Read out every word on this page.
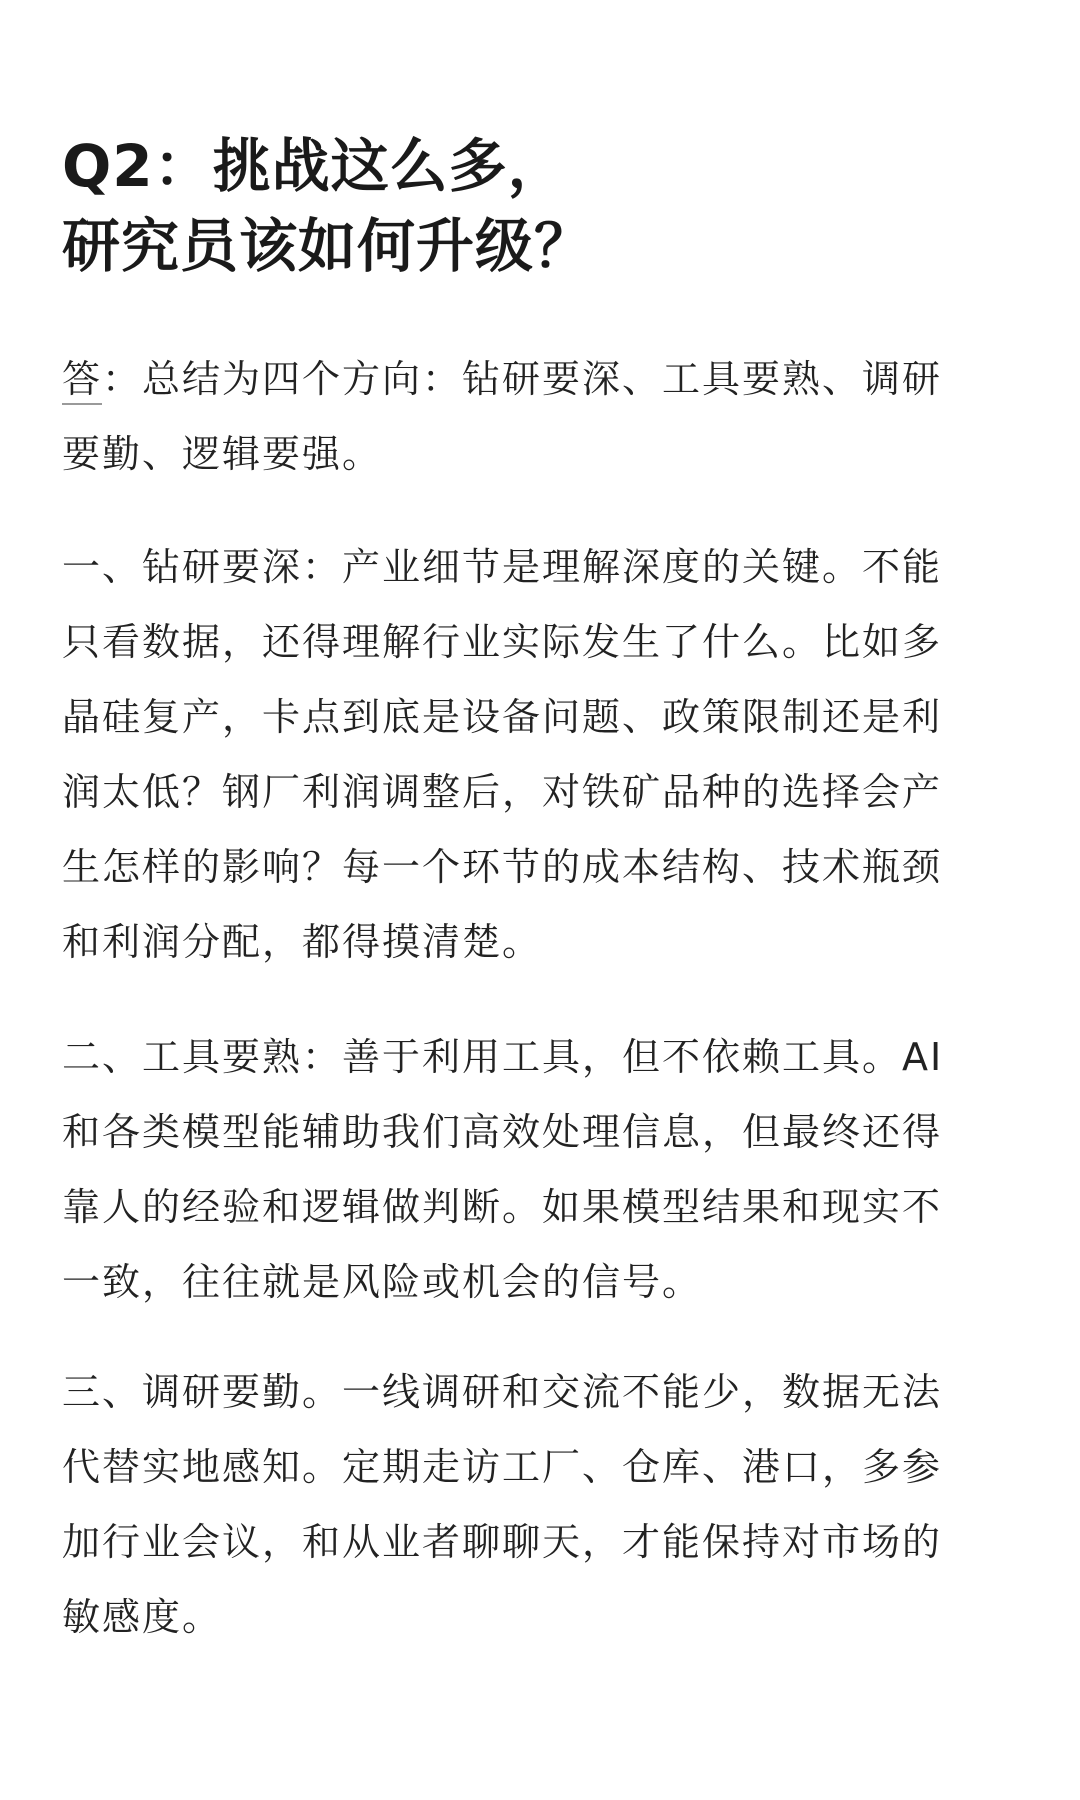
Q2：挑战这么多，
研究员该如何升级？

答：总结为四个方向：钻研要深、工具要熟、调研
要勤、逻辑要强。

一、钻研要深：产业细节是理解深度的关键。不能
只看数据，还得理解行业实际发生了什么。比如多
晶硅复产，卡点到底是设备问题、政策限制还是利
润太低？钢厂利润调整后，对铁矿品种的选择会产
生怎样的影响？每一个环节的成本结构、技术瓶颈
和利润分配，都得摸清楚。

二、工具要熟：善于利用工具，但不依赖工具。AI
和各类模型能辅助我们高效处理信息，但最终还得
靠人的经验和逻辑做判断。如果模型结果和现实不
一致，往往就是风险或机会的信号。

三、调研要勤。一线调研和交流不能少，数据无法
代替实地感知。定期走访工厂、仓库、港口，多参
加行业会议，和从业者聊聊天，才能保持对市场的
敏感度。
